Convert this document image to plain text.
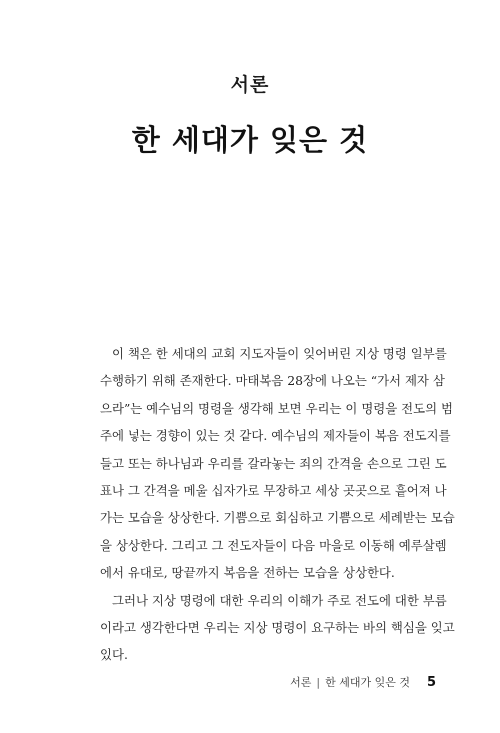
서론
한 세대가 잊은 것
이 책은 한 세대의 교회 지도자들이 잊어버린 지상 명령 일부를
수행하기 위해 존재한다. 마태복음 28장에 나오는 “가서 제자 삼
으라”는 예수님의 명령을 생각해 보면 우리는 이 명령을 전도의 범
주에 넣는 경향이 있는 것 같다. 예수님의 제자들이 복음 전도지를
들고 또는 하나님과 우리를 갈라놓는 죄의 간격을 손으로 그린 도
표나 그 간격을 메울 십자가로 무장하고 세상 곳곳으로 흩어져 나
가는 모습을 상상한다. 기쁨으로 회심하고 기쁨으로 세례받는 모습
을 상상한다. 그리고 그 전도자들이 다음 마을로 이동해 예루살렘
에서 유대로, 땅끝까지 복음을 전하는 모습을 상상한다.
그러나 지상 명령에 대한 우리의 이해가 주로 전도에 대한 부름
이라고 생각한다면 우리는 지상 명령이 요구하는 바의 핵심을 잊고
있다.
서론 | 한 세대가 잊은 것 5
